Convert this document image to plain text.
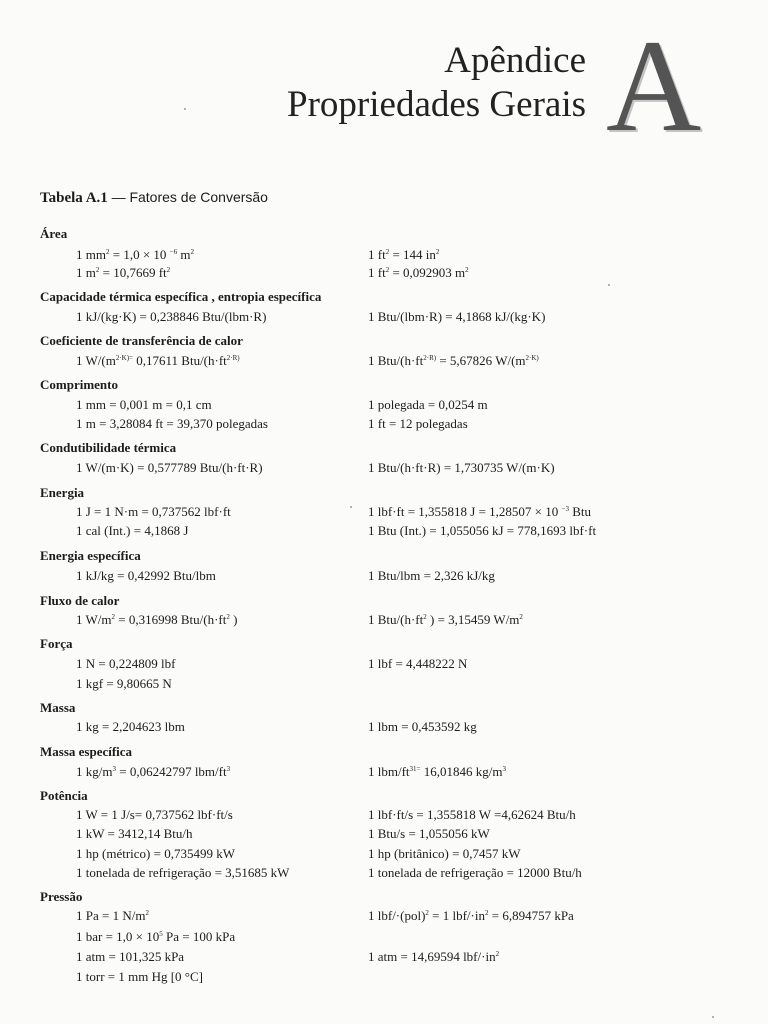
Apêndice
Propriedades Gerais A
Tabela A.1 — Fatores de Conversão
Área
1 $mm^2 = 1,0 \times 10$ $^{-6}$ $m^2$	1 $ft^2 = 144$ $in^2$
1 $m^2 = 10,7669$ $ft^2$	1 $ft^2 = 0,092903$ $m^2$
Capacidade térmica específica , entropia específica
1 kJ/(kg·K) = 0,238846 Btu/(lbm·R)	1 Btu/(lbm·R) = 4,1868 kJ/(kg·K)
Coeficiente de transferência de calor
1 $W/(m^{2\cdot K)=}$ 0,17611 Btu/($h\cdot ft^{2\cdot R)}$	1 Btu/($h\cdot ft^{2\cdot R)} = 5,67826$ $W/(m^{2\cdot K)}$
Comprimento
1 mm = 0,001 m = 0,1 cm	1 polegada = 0,0254 m
1 m = 3,28084 ft = 39,370 polegadas	1 ft = 12 polegadas
Condutibilidade térmica
1 W/(m·K) = 0,577789 Btu/(h·ft·R)	1 Btu/(h·ft·R) = 1,730735 W/(m·K)
Energia
1 J = 1 N·m = 0,737562 lbf·ft	1 lbf·ft = 1,355818 J = 1,28507 × 10 $^{-3}$ Btu
1 cal (Int.) = 4,1868 J	1 Btu (Int.) = 1,055056 kJ = 778,1693 lbf·ft
Energia específica
1 kJ/kg = 0,42992 Btu/lbm	1 Btu/lbm = 2,326 kJ/kg
Fluxo de calor
1 $W/m^2 = 0,316998$ Btu/($h\cdot ft^2$ )	1 Btu/($h\cdot ft^2$ ) = 3,15459 $W/m^2$
Força
1 N = 0,224809 lbf	1 lbf = 4,448222 N
1 kgf = 9,80665 N
Massa
1 kg = 2,204623 lbm	1 lbm = 0,453592 kg
Massa específica
1 $kg/m^3 = 0,06242797$ lbm/$ft^3$	1 lbm/$ft^{31=}$ 16,01846 $kg/m^3$
Potência
1 W = 1 J/s= 0,737562 lbf·ft/s	1 lbf·ft/s = 1,355818 W =4,62624 Btu/h
1 kW = 3412,14 Btu/h	1 Btu/s = 1,055056 kW
1 hp (métrico) = 0,735499 kW	1 hp (britânico) = 0,7457 kW
1 tonelada de refrigeração = 3,51685 kW	1 tonelada de refrigeração = 12000 Btu/h
Pressão
1 Pa = 1 $N/m^2$	1 lbf/·(pol)$^2$ = 1 lbf/$\cdot in^2 = 6,894757$ kPa
1 bar = $1,0 \times 10^5$ Pa = 100 kPa
1 atm = 101,325 kPa	1 atm = 14,69594 lbf/$\cdot in^2$
1 torr = 1 mm Hg [0 °C]
